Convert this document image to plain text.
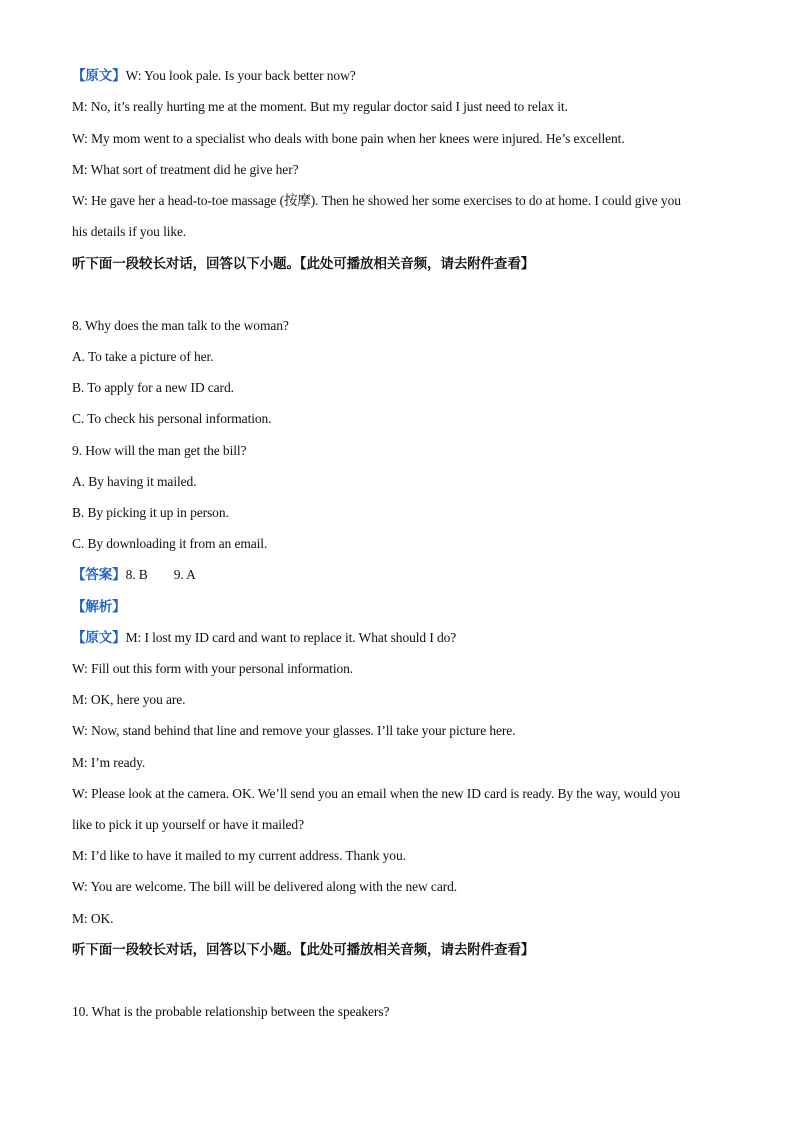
【原文】W: You look pale. Is your back better now?
M: No, it’s really hurting me at the moment. But my regular doctor said I just need to relax it.
W: My mom went to a specialist who deals with bone pain when her knees were injured. He’s excellent.
M: What sort of treatment did he give her?
W: He gave her a head-to-toe massage (按摩). Then he showed her some exercises to do at home. I could give you
his details if you like.
听下面一段较长对话，回答以下小题。【此处可播放相关音频，请去附件查看】
8. Why does the man talk to the woman?
A. To take a picture of her.
B. To apply for a new ID card.
C. To check his personal information.
9. How will the man get the bill?
A. By having it mailed.
B. By picking it up in person.
C. By downloading it from an email.
【答案】8. B 9. A
【解析】
【原文】M: I lost my ID card and want to replace it. What should I do?
W: Fill out this form with your personal information.
M: OK, here you are.
W: Now, stand behind that line and remove your glasses. I’ll take your picture here.
M: I’m ready.
W: Please look at the camera. OK. We’ll send you an email when the new ID card is ready. By the way, would you
like to pick it up yourself or have it mailed?
M: I’d like to have it mailed to my current address. Thank you.
W: You are welcome. The bill will be delivered along with the new card.
M: OK.
听下面一段较长对话，回答以下小题。【此处可播放相关音频，请去附件查看】
10. What is the probable relationship between the speakers?
